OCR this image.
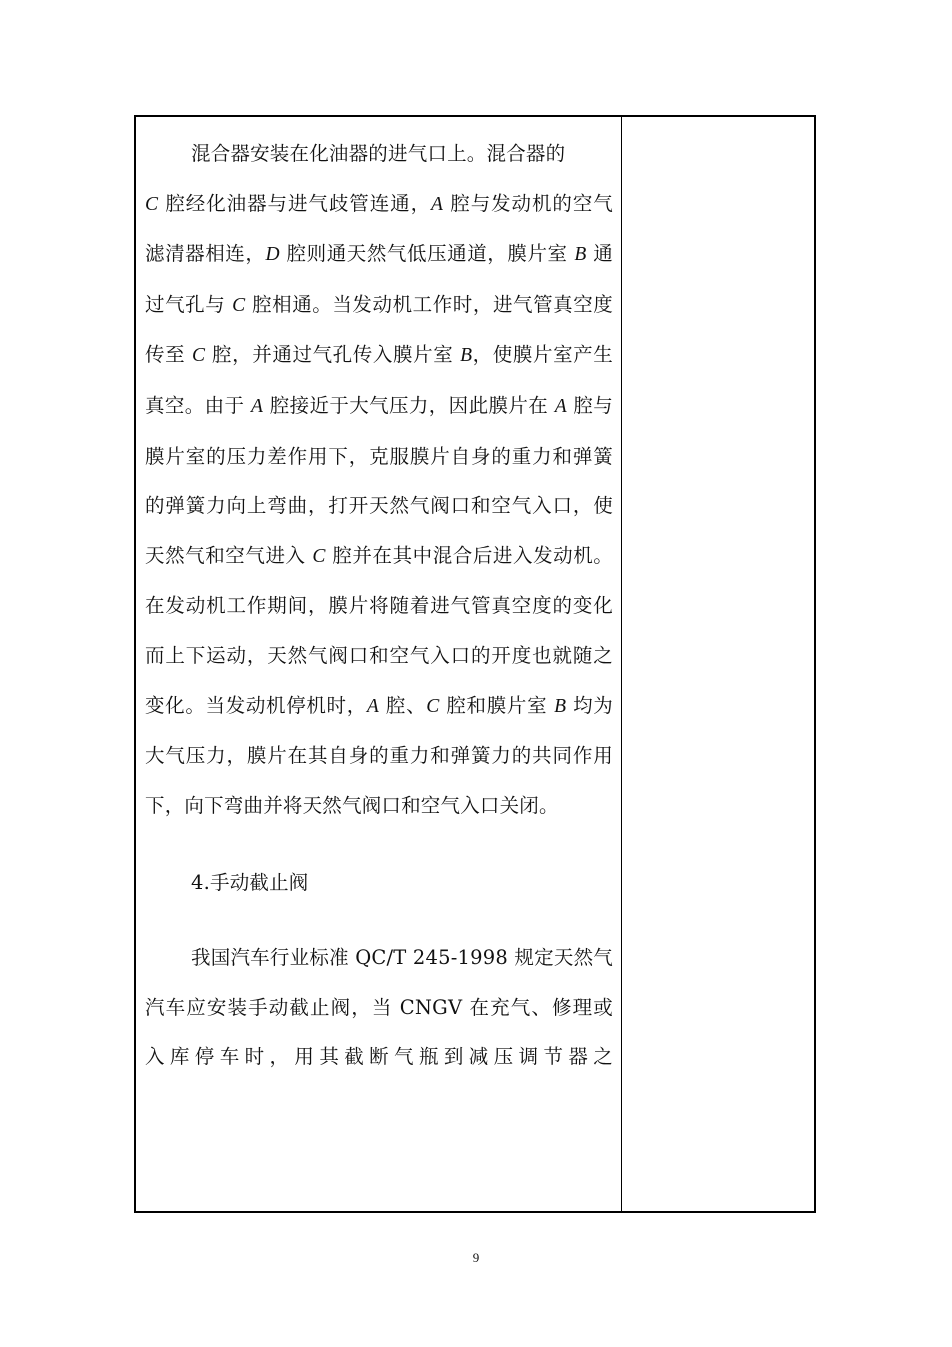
混合器安装在化油器的进气口上。混合器的
C 腔经化油器与进气歧管连通，A 腔与发动机的空气滤清器相连，D 腔则通天然气低压通道，膜片室 B 通过气孔与 C 腔相通。当发动机工作时，进气管真空度传至 C 腔，并通过气孔传入膜片室 B，使膜片室产生真空。由于 A 腔接近于大气压力，因此膜片在 A 腔与膜片室的压力差作用下，克服膜片自身的重力和弹簧的弹簧力向上弯曲，打开天然气阀口和空气入口，使天然气和空气进入 C 腔并在其中混合后进入发动机。在发动机工作期间，膜片将随着进气管真空度的变化而上下运动，天然气阀口和空气入口的开度也就随之变化。当发动机停机时，A 腔、C 腔和膜片室 B 均为大气压力，膜片在其自身的重力和弹簧力的共同作用下，向下弯曲并将天然气阀口和空气入口关闭。

4.手动截止阀

我国汽车行业标准 QC/T 245-1998 规定天然气汽车应安装手动截止阀，当 CNGV 在充气、修理或入库停车时，用其截断气瓶到减压调节器之

9
